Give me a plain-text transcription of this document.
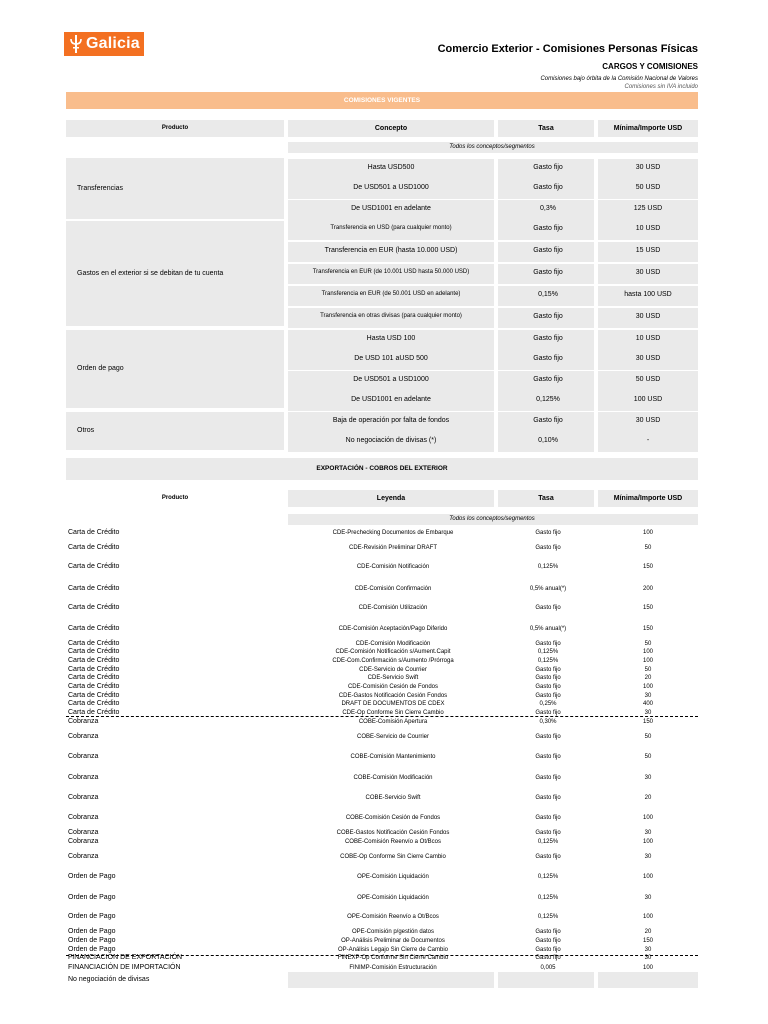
Galicia	Comercio Exterior - Comisiones Personas Físicas
CARGOS Y COMISIONES
Comisiones bajo órbita de la Comisión Nacional de Valores
Comisiones sin IVA incluido
COMISIONES VIGENTES
Producto	Concepto	Tasa	Mínima/Importe USD
Todos los conceptos/segmentos
Transferencias
Hasta USD500	Gasto fijo	30 USD
De USD501 a USD1000	Gasto fijo	50 USD
De USD1001 en adelante	0,3%	125 USD
Gastos en el exterior si se debitan de tu cuenta
Transferencia en USD (para cualquier monto)	Gasto fijo	10 USD
Transferencia en EUR (hasta 10.000 USD)	Gasto fijo	15 USD
Transferencia en EUR (de 10.001 USD hasta 50.000 USD)	Gasto fijo	30 USD
Transferencia en EUR (de 50.001 USD en adelante)	0,15%	hasta 100 USD
Transferencia en otras divisas (para cualquier monto)	Gasto fijo	30 USD
Orden de pago
Hasta USD 100	Gasto fijo	10 USD
De USD 101 aUSD 500	Gasto fijo	30 USD
De USD501 a USD1000	Gasto fijo	50 USD
De USD1001 en adelante	0,125%	100 USD
Otros
Baja de operación por falta de fondos	Gasto fijo	30 USD
No negociación de divisas (*)	0,10%	-
EXPORTACIÓN - COBROS DEL EXTERIOR
Producto	Leyenda	Tasa	Mínima/Importe USD
Todos los conceptos/segmentos
Carta de Crédito	CDE-Prechecking Documentos de Embarque	Gasto fijo	100
Carta de Crédito	CDE-Revisión Preliminar DRAFT	Gasto fijo	50
Carta de Crédito	CDE-Comisión Notificación	0,125%	150
Carta de Crédito	CDE-Comisión Confirmación	0,5% anual(*)	200
Carta de Crédito	CDE-Comisión Utilización	Gasto fijo	150
Carta de Crédito	CDE-Comisión Aceptación/Pago Diferido	0,5% anual(*)	150
Carta de Crédito	CDE-Comisión Modificación	Gasto fijo	50
Carta de Crédito	CDE-Comisión Notificación s/Aument.Capit	0,125%	100
Carta de Crédito	CDE-Com.Confirmación s/Aumento /Prórroga	0,125%	100
Carta de Crédito	CDE-Servicio de Courrier	Gasto fijo	50
Carta de Crédito	CDE-Servicio Swift	Gasto fijo	20
Carta de Crédito	CDE-Comisión Cesión de Fondos	Gasto fijo	100
Carta de Crédito	CDE-Gastos Notificación Cesión Fondos	Gasto fijo	30
Carta de Crédito	DRAFT DE DOCUMENTOS DE CDEX	0,25%	400
Carta de Crédito	CDE-Op Conforme Sin Cierre Cambio	Gasto fijo	30
Cobranza	COBE-Comisión Apertura	0,30%	150
Cobranza	COBE-Servicio de Courrier	Gasto fijo	50
Cobranza	COBE-Comisión Mantenimiento	Gasto fijo	50
Cobranza	COBE-Comisión Modificación	Gasto fijo	30
Cobranza	COBE-Servicio Swift	Gasto fijo	20
Cobranza	COBE-Comisión Cesión de Fondos	Gasto fijo	100
Cobranza	COBE-Gastos Notificación Cesión Fondos	Gasto fijo	30
Cobranza	COBE-Comisión Reenvío a Ot/Bcos	0,125%	100
Cobranza	COBE-Op Conforme Sin Cierre Cambio	Gasto fijo	30
Orden de Pago	OPE-Comisión Liquidación	0,125%	100
Orden de Pago	OPE-Comisión Liquidación	0,125%	30
Orden de Pago	OPE-Comisión Reenvío a Ot/Bcos	0,125%	100
Orden de Pago	OPE-Comisión p/gestión datos	Gasto fijo	20
Orden de Pago	OP-Análisis Preliminar de Documentos	Gasto fijo	150
Orden de Pago	OP-Análisis Legajo Sin Cierre de Cambio	Gasto fijo	30
FINANCIACIÓN DE EXPORTACIÓN	FINEXP-Op Conforme Sin Cierre Cambio	Gasto fijo	30
FINANCIACIÓN DE IMPORTACIÓN	FINIMP-Comisión Estructuración	0,005	100
No negociación de divisas
